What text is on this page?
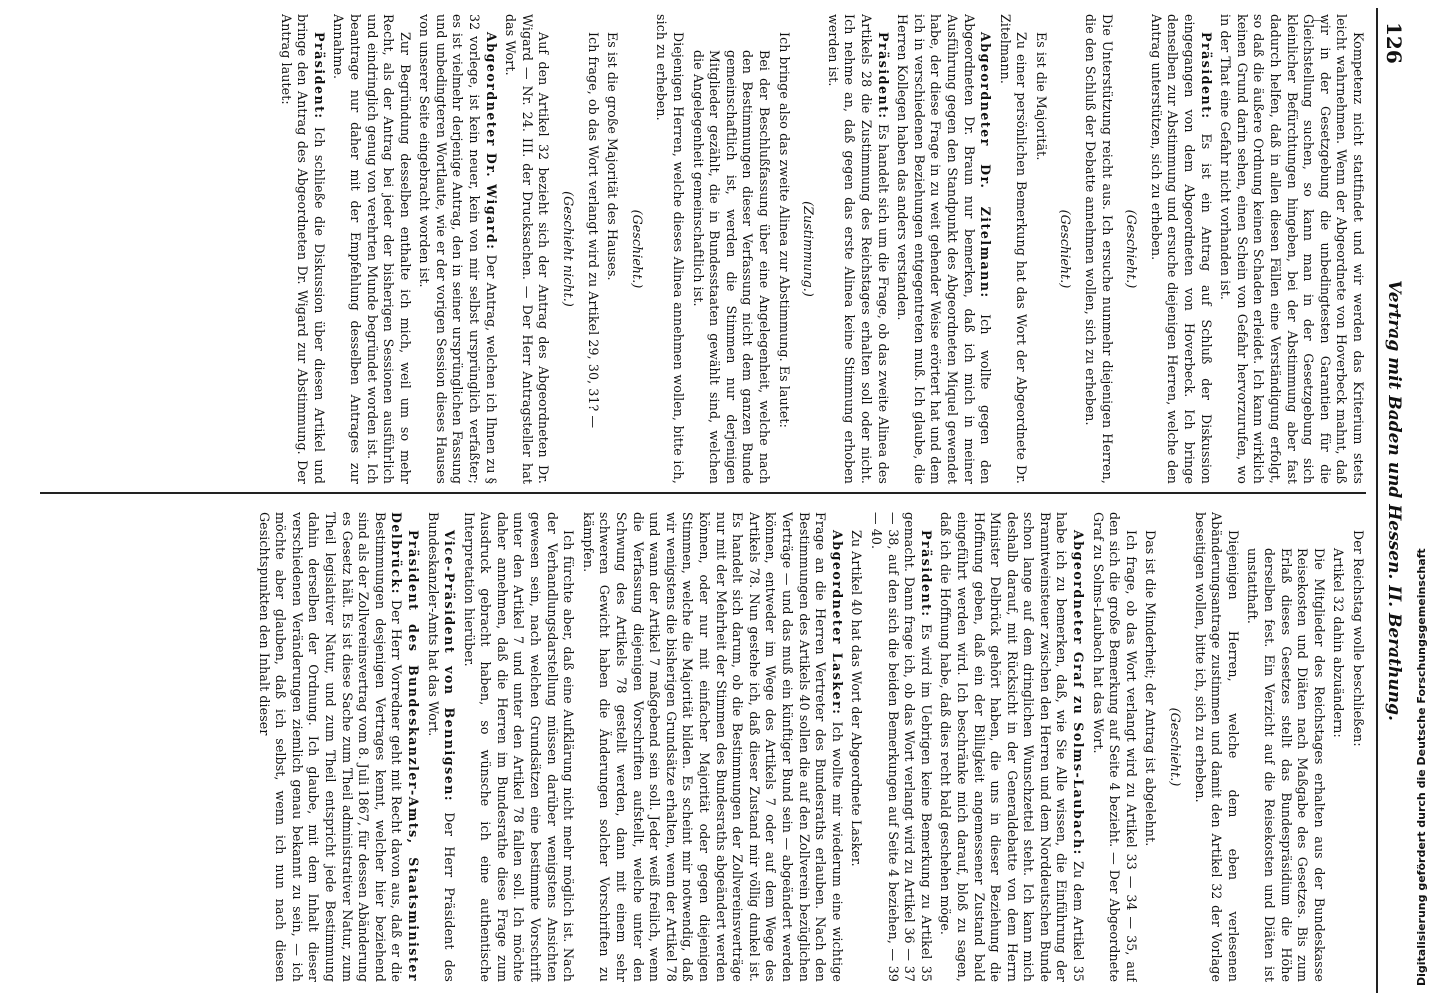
126
Vertrag mit Baden und Hessen. II. Berathung.

Kompetenz nicht stattfindet und wir werden das Kriterium stets leicht wahrnehmen. Wenn der Abgeordnete von Hoverbeck mahnt, daß wir in der Gesetzgebung die unbedingtesten Garantien für die Gleichstellung suchen, so kann man in der Gesetzgebung sich kleinlicher Befürchtungen hingeben, bei der Abstimmung aber fast dadurch helfen, daß in allen diesen Fällen eine Verständigung erfolgt, so daß die äußere Ordnung keinen Schaden erleidet. Ich kann wirklich keinen Grund darin sehen, einen Schein von Gefahr hervorzurufen, wo in der That eine Gefahr nicht vorhanden ist.

Präsident: Es ist ein Antrag auf Schluß der Diskussion eingegangen von dem Abgeordneten von Hoverbeck. Ich bringe denselben zur Abstimmung und ersuche diejenigen Herren, welche den Antrag unterstützen, sich zu erheben.

(Geschieht.)

Die Unterstützung reicht aus. Ich ersuche nunmehr diejenigen Herren, die den Schluß der Debatte annehmen wollen, sich zu erheben.

(Geschieht.)

Es ist die Majorität.

Zu einer persönlichen Bemerkung hat das Wort der Abgeordnete Dr. Zitelmann.

Abgeordneter Dr. Zitelmann: Ich wollte gegen den Abgeordneten Dr. Braun nur bemerken, daß ich mich in meiner Ausführung gegen den Standpunkt des Abgeordneten Miquel gewendet habe, der diese Frage in zu weit gehender Weise erörtert hat und dem ich in verschiedenen Beziehungen entgegentreten muß. Ich glaube, die Herren Kollegen haben das anders verstanden.

Präsident: Es handelt sich um die Frage, ob das zweite Alinea des Artikels 28 die Zustimmung des Reichstages erhalten soll oder nicht. Ich nehme an, daß gegen das erste Alinea keine Stimmung erhoben werden ist.

(Zustimmung.)

Ich bringe also das zweite Alinea zur Abstimmung. Es lautet:

Bei der Beschlußfassung über eine Angelegenheit, welche nach den Bestimmungen dieser Verfassung nicht dem ganzen Bunde gemeinschaftlich ist, werden die Stimmen nur derjenigen Mitglieder gezählt, die in Bundesstaaten gewählt sind, welchen die Angelegenheit gemeinschaftlich ist.

Diejenigen Herren, welche dieses Alinea annehmen wollen, bitte ich, sich zu erheben.

(Geschieht.)

Es ist die große Majorität des Hauses.

Ich frage, ob das Wort verlangt wird zu Artikel 29, 30, 31? —

(Geschieht nicht.)

Auf den Artikel 32 bezieht sich der Antrag des Abgeordneten Dr. Wigard — Nr. 24. III. der Drucksachen. — Der Herr Antragsteller hat das Wort.

Abgeordneter Dr. Wigard: Der Antrag, welchen ich Ihnen zu § 32 vorlege, ist kein neuer, kein von mir selbst ursprünglich verfaßter; es ist vielmehr derjenige Antrag, den in seiner ursprünglichen Fassung und unbedingteren Wortlaute, wie er der vorigen Session dieses Hauses von unserer Seite eingebracht worden ist.

Zur Begründung desselben enthalte ich mich, weil um so mehr Recht, als der Antrag bei jeder der bisherigen Sessionen ausführlich und eindringlich genug von verehrten Munde begründet worden ist. Ich beantrage nur daher mit der Empfehlung desselben Antrages zur Annahme.

Präsident: Ich schließe die Diskussion über diesen Artikel und bringe den Antrag des Abgeordneten Dr. Wigard zur Abstimmung. Der Antrag lautet:

Der Reichstag wolle beschließen:

Artikel 32 dahin abzuändern:

Die Mitglieder des Reichstages erhalten aus der Bundeskasse Reisekosten und Diäten nach Maßgabe des Gesetzes. Bis zum Erlaß dieses Gesetzes stellt das Bundespräsidium die Höhe derselben fest. Ein Verzicht auf die Reisekosten und Diäten ist unstatthaft.

Diejenigen Herren, welche dem eben verlesenen Abänderungsantrage zustimmen und damit den Artikel 32 der Vorlage beseitigen wollen, bitte ich, sich zu erheben.

(Geschieht.)

Das ist die Minderheit; der Antrag ist abgelehnt.

Ich frage, ob das Wort verlangt wird zu Artikel 33 — 34 — 35, auf den sich die große Bemerkung auf Seite 4 bezieht. — Der Abgeordnete Graf zu Solms-Laubach hat das Wort.

Abgeordneter Graf zu Solms-Laubach: Zu dem Artikel 35 habe ich zu bemerken, daß, wie Sie Alle wissen, die Einführung der Branntweinsteuer zwischen den Herren und dem Norddeutschen Bunde schon lange auf dem dringlichen Wunschzettel steht. Ich kann mich deshalb darauf, mit Rücksicht in der Generaldebatte von dem Herrn Minister Delbrück gehört haben, die uns in dieser Beziehung die Hoffnung geben, daß ein der Billigkeit angemessener Zustand bald eingeführt werden wird. Ich beschränke mich darauf, bloß zu sagen, daß ich die Hoffnung habe, daß dies recht bald geschehen möge.

Präsident: Es wird im Uebrigen keine Bemerkung zu Artikel 35 gemacht. Dann frage ich, ob das Wort verlangt wird zu Artikel 36 — 37 — 38, auf den sich die beiden Bemerkungen auf Seite 4 beziehen, — 39 — 40.

Zu Artikel 40 hat das Wort der Abgeordnete Lasker.

Abgeordneter Lasker: Ich wollte mir wiederum eine wichtige Frage an die Herren Vertreter des Bundesraths erlauben. Nach den Bestimmungen des Artikels 40 sollen die auf den Zollverein bezüglichen Verträge — und das muß ein künftiger Bund sein — abgeändert werden können, entweder im Wege des Artikels 7 oder auf dem Wege des Artikels 78. Nun gestehe ich, daß dieser Zustand mir völlig dunkel ist. Es handelt sich darum, ob die Bestimmungen der Zollvereinsverträge nur mit der Mehrheit der Stimmen des Bundesraths abgeändert werden können, oder nur mit einfacher Majorität oder gegen diejenigen Stimmen, welche die Majorität bilden. Es scheint mir notwendig, daß wir wenigstens die bisherigen Grundsätze erhalten, wenn der Artikel 78 und wann der Artikel 7 maßgebend sein soll. Jeder weiß freilich, wenn die Verfassung diejenigen Vorschriften aufstellt, welche unter den Schwung des Artikels 78 gestellt werden, dann mit einem sehr schweren Gewicht haben die Änderungen solcher Vorschriften zu kämpfen.

Ich fürchte aber, daß eine Aufklärung nicht mehr möglich ist. Nach der Verhandlungsdarstellung müssen darüber wenigstens Ansichten gewesen sein, nach welchen Grundsätzen eine bestimmte Vorschrift unter den Artikel 7 und unter den Artikel 78 fallen soll. Ich möchte daher annehmen, daß die Herren im Bundesrathe diese Frage zum Ausdruck gebracht haben, so wünsche ich eine authentische Interpretation hierüber.

Vice-Präsident von Bennigsen: Der Herr Präsident des Bundeskanzler-Amts hat das Wort.

Präsident des Bundeskanzler-Amts, Staatsminister Delbrück: Der Herr Vorredner geht mit Recht davon aus, daß er die Bestimmungen desjenigen Vertrages kennt, welcher hier beziehend sind als der Zollvereinsvertrag vom 8. Juli 1867, für dessen Abänderung es Gesetz hält. Es ist diese Sache zum Theil administrativer Natur, zum Theil legislativer Natur, und zum Theil entspricht jede Bestimmung dahin derselben der Ordnung. Ich glaube, mit dem Inhalt dieser verschiedenen Veränderungen ziemlich genau bekannt zu sein, — ich möchte aber glauben, daß ich selbst, wenn ich nun nach diesen Gesichtspunkten den Inhalt dieser	Digitalisierung gefördert durch die Deutsche Forschungsgemeinschaft
